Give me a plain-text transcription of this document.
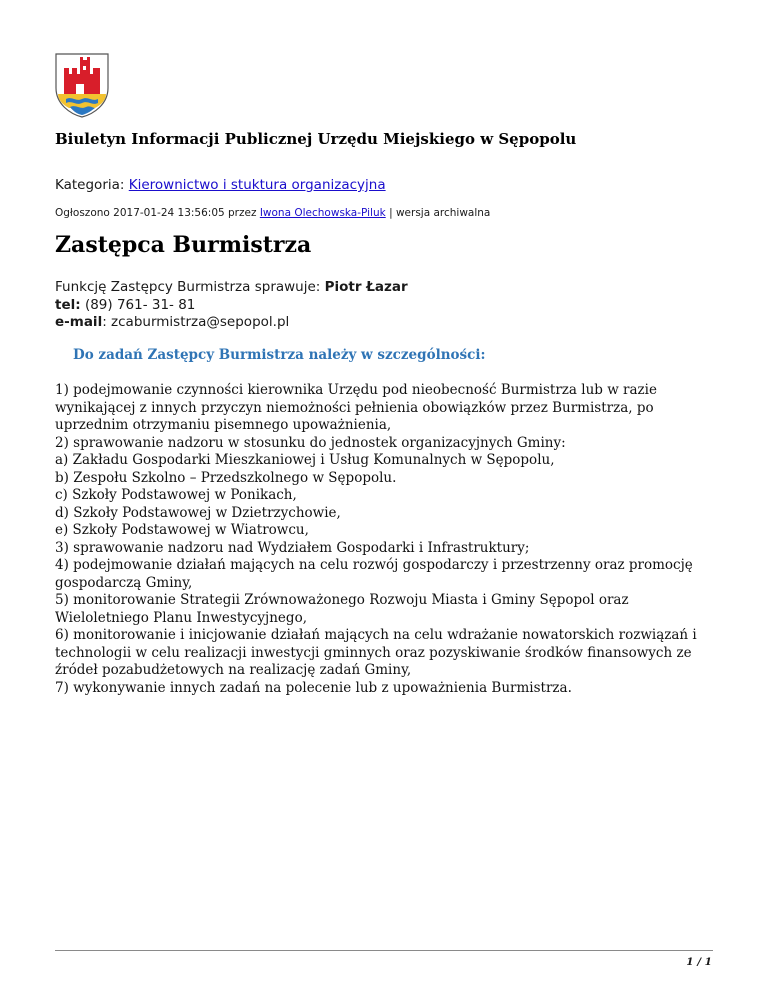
Biuletyn Informacji Publicznej Urzędu Miejskiego w Sępopolu
Kategoria: Kierownictwo i stuktura organizacyjna
Ogłoszono 2017-01-24 13:56:05 przez Iwona Olechowska-Piluk | wersja archiwalna
Zastępca Burmistrza
Funkcję Zastępcy Burmistrza sprawuje: Piotr Łazar
tel: (89) 761- 31- 81
e-mail: zcaburmistrza@sepopol.pl
Do zadań Zastępcy Burmistrza należy w szczególności:

1) podejmowanie czynności kierownika Urzędu pod nieobecność Burmistrza lub w razie wynikającej z innych przyczyn niemożności pełnienia obowiązków przez Burmistrza, po uprzednim otrzymaniu pisemnego upoważnienia,

2) sprawowanie nadzoru w stosunku do jednostek organizacyjnych Gminy:

a) Zakładu Gospodarki Mieszkaniowej i Usług Komunalnych w Sępopolu,

b) Zespołu Szkolno – Przedszkolnego w Sępopolu.

c) Szkoły Podstawowej w Ponikach,

d) Szkoły Podstawowej w Dzietrzychowie,

e) Szkoły Podstawowej w Wiatrowcu,

3) sprawowanie nadzoru nad Wydziałem Gospodarki i Infrastruktury;

4) podejmowanie działań mających na celu rozwój gospodarczy i przestrzenny oraz promocję gospodarczą Gminy,

5) monitorowanie Strategii Zrównoważonego Rozwoju Miasta i Gminy Sępopol oraz Wieloletniego Planu Inwestycyjnego,

6) monitorowanie i inicjowanie działań mających na celu wdrażanie nowatorskich rozwiązań i technologii w celu realizacji inwestycji gminnych oraz pozyskiwanie środków finansowych ze źródeł pozabudżetowych na realizację zadań Gminy,

7) wykonywanie innych zadań na polecenie lub z upoważnienia Burmistrza.

1 / 1
